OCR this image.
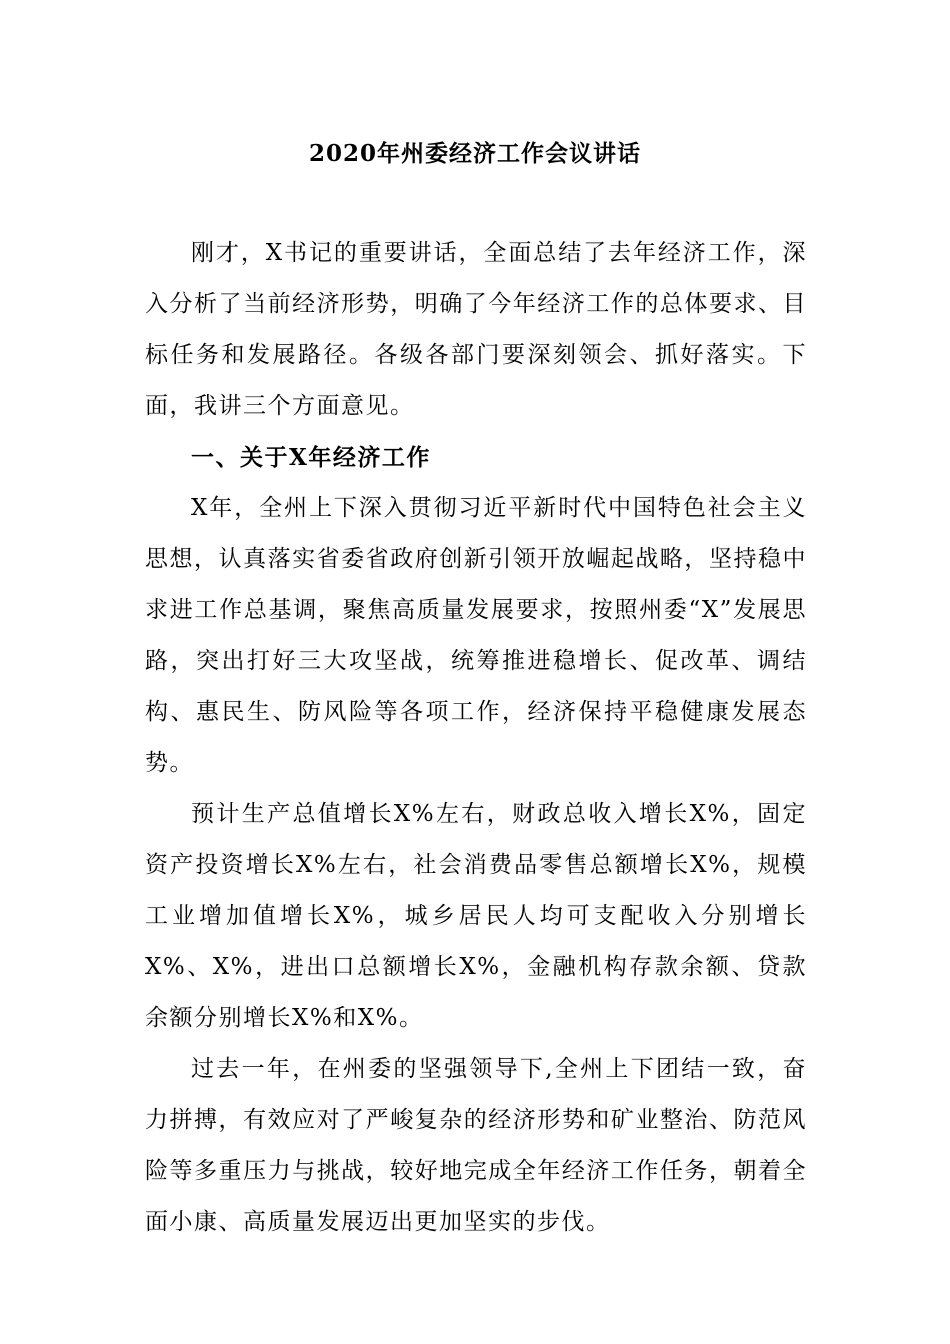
2020年州委经济工作会议讲话

刚才，X书记的重要讲话，全面总结了去年经济工作，深入分析了当前经济形势，明确了今年经济工作的总体要求、目标任务和发展路径。各级各部门要深刻领会、抓好落实。下面，我讲三个方面意见。

一、关于X年经济工作

X年，全州上下深入贯彻习近平新时代中国特色社会主义思想，认真落实省委省政府创新引领开放崛起战略，坚持稳中求进工作总基调，聚焦高质量发展要求，按照州委“X”发展思路，突出打好三大攻坚战，统筹推进稳增长、促改革、调结构、惠民生、防风险等各项工作，经济保持平稳健康发展态势。

预计生产总值增长X%左右，财政总收入增长X%，固定资产投资增长X%左右，社会消费品零售总额增长X%，规模工业增加值增长X%，城乡居民人均可支配收入分别增长X%、X%，进出口总额增长X%，金融机构存款余额、贷款余额分别增长X%和X%。

过去一年，在州委的坚强领导下,全州上下团结一致，奋力拼搏，有效应对了严峻复杂的经济形势和矿业整治、防范风险等多重压力与挑战，较好地完成全年经济工作任务，朝着全面小康、高质量发展迈出更加坚实的步伐。
